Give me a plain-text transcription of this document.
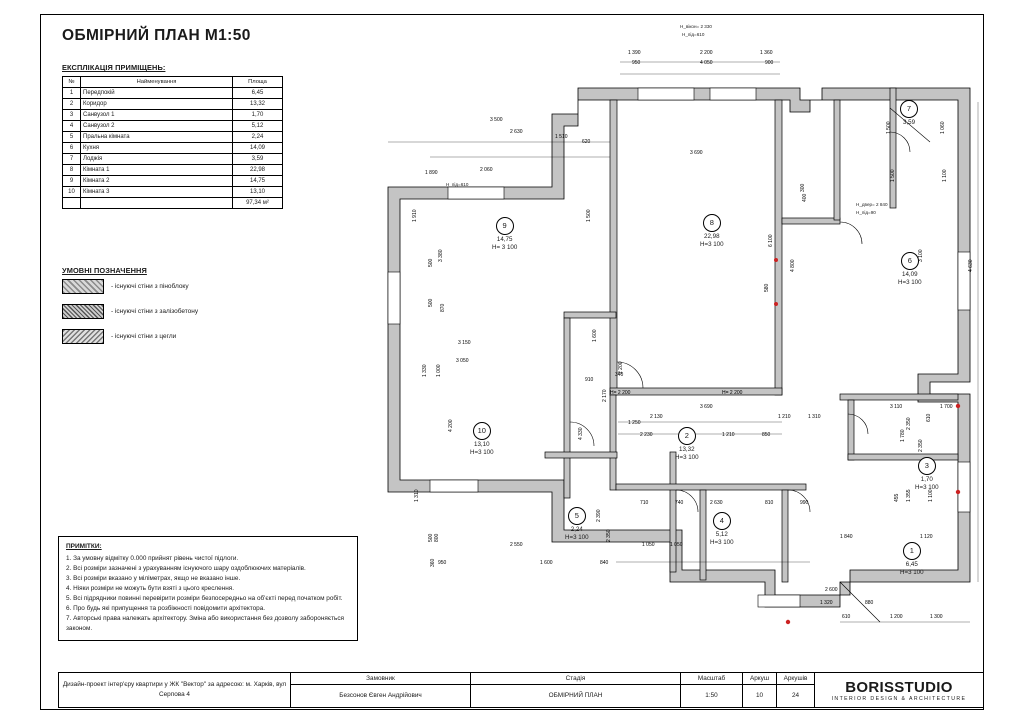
ОБМІРНИЙ ПЛАН М1:50
ЕКСПЛІКАЦІЯ ПРИМІЩЕНЬ:
№	Найменування	Площа
1	Передпокій	6,45
2	Коридор	13,32
3	Санвузол 1	1,70
4	Санвузол 2	5,12
5	Пральна кімната	2,24
6	Кухня	14,09
7	Лоджія	3,59
8	Кімната 1	22,98
9	Кімната 2	14,75
10	Кімната 3	13,10
		97,34 м²
УМОВНІ ПОЗНАЧЕННЯ
- існуючі стіни з піноблоку
- існуючі стіни з залізобетону
- існуючі стіни з цегли
ПРИМІТКИ:
1. За умовну відмітку 0.000 прийнят рівень чистої підлоги.
2. Всі розміри зазначені з урахуванням існуючого шару оздоблюючих матеріалів.
3. Всі розміри вказано у міліметрах, якщо не вказано інше.
4. Ніяки розміри не можуть бути взяті з цього креслення.
5. Всі підрядники повинні перевірити розміри безпосередньо на об'єкті перед початком робіт.
6. Про будь які припущення та розбіжності повідомити архітектора.
7. Авторські права належать архітектору. Зміна або використання без дозволу забороняється законом.
Дизайн-проект інтер'єру квартири у ЖК "Вектор" за адресою: м. Харків, вул Серпова 4
Замовник
Безсонов Євген Андрійович
Стадія
ОБМІРНИЙ ПЛАН
Масштаб
1:50
Аркуш
10
Аркушів
24
BORISSTUDIO
INTERIOR DESIGN & ARCHITECTURE
9
14,75
H= 3 100
8
22,98
H=3 100
7
3,59
6
14,09
H=3 100
10
13,10
H=3 100
2
13,32
H=3 100
5
2,24
H=3 100
4
5,12
H=3 100
3
1,70
H=3 100
1
6,45
H=3 100
H_вікон= 2 330
H_під=610
H_під=610
H_двер= 2 840
H_під=90
1 390	2 200	1 360
950	4 050	900
3 500
2 630
1 510
620
3 690
1 890	2 060
3 150
3 050
910
340
H= 2 200	H= 2 200
2 130
3 690
1 210	1 310
3 110	1 700
1 250
2 230	1 210	850
740
710	2 630	810	990
1 840
1 320
2 600
880
610	1 200	1 300
2 550
1 600
950	840
1 050	1 050
1 120
1 910
500
3 380
870
500
1 330 1 000
4 200
1 310
500 800
360
1 500	1 060
1 500	1 100
4 630
3 100
2 350	610
455 1 355	1 100
2 350
1 780
4 330
2 170
1 600
2 390
2 350
2 200
4 800
6 100
1 500
300
400
580
